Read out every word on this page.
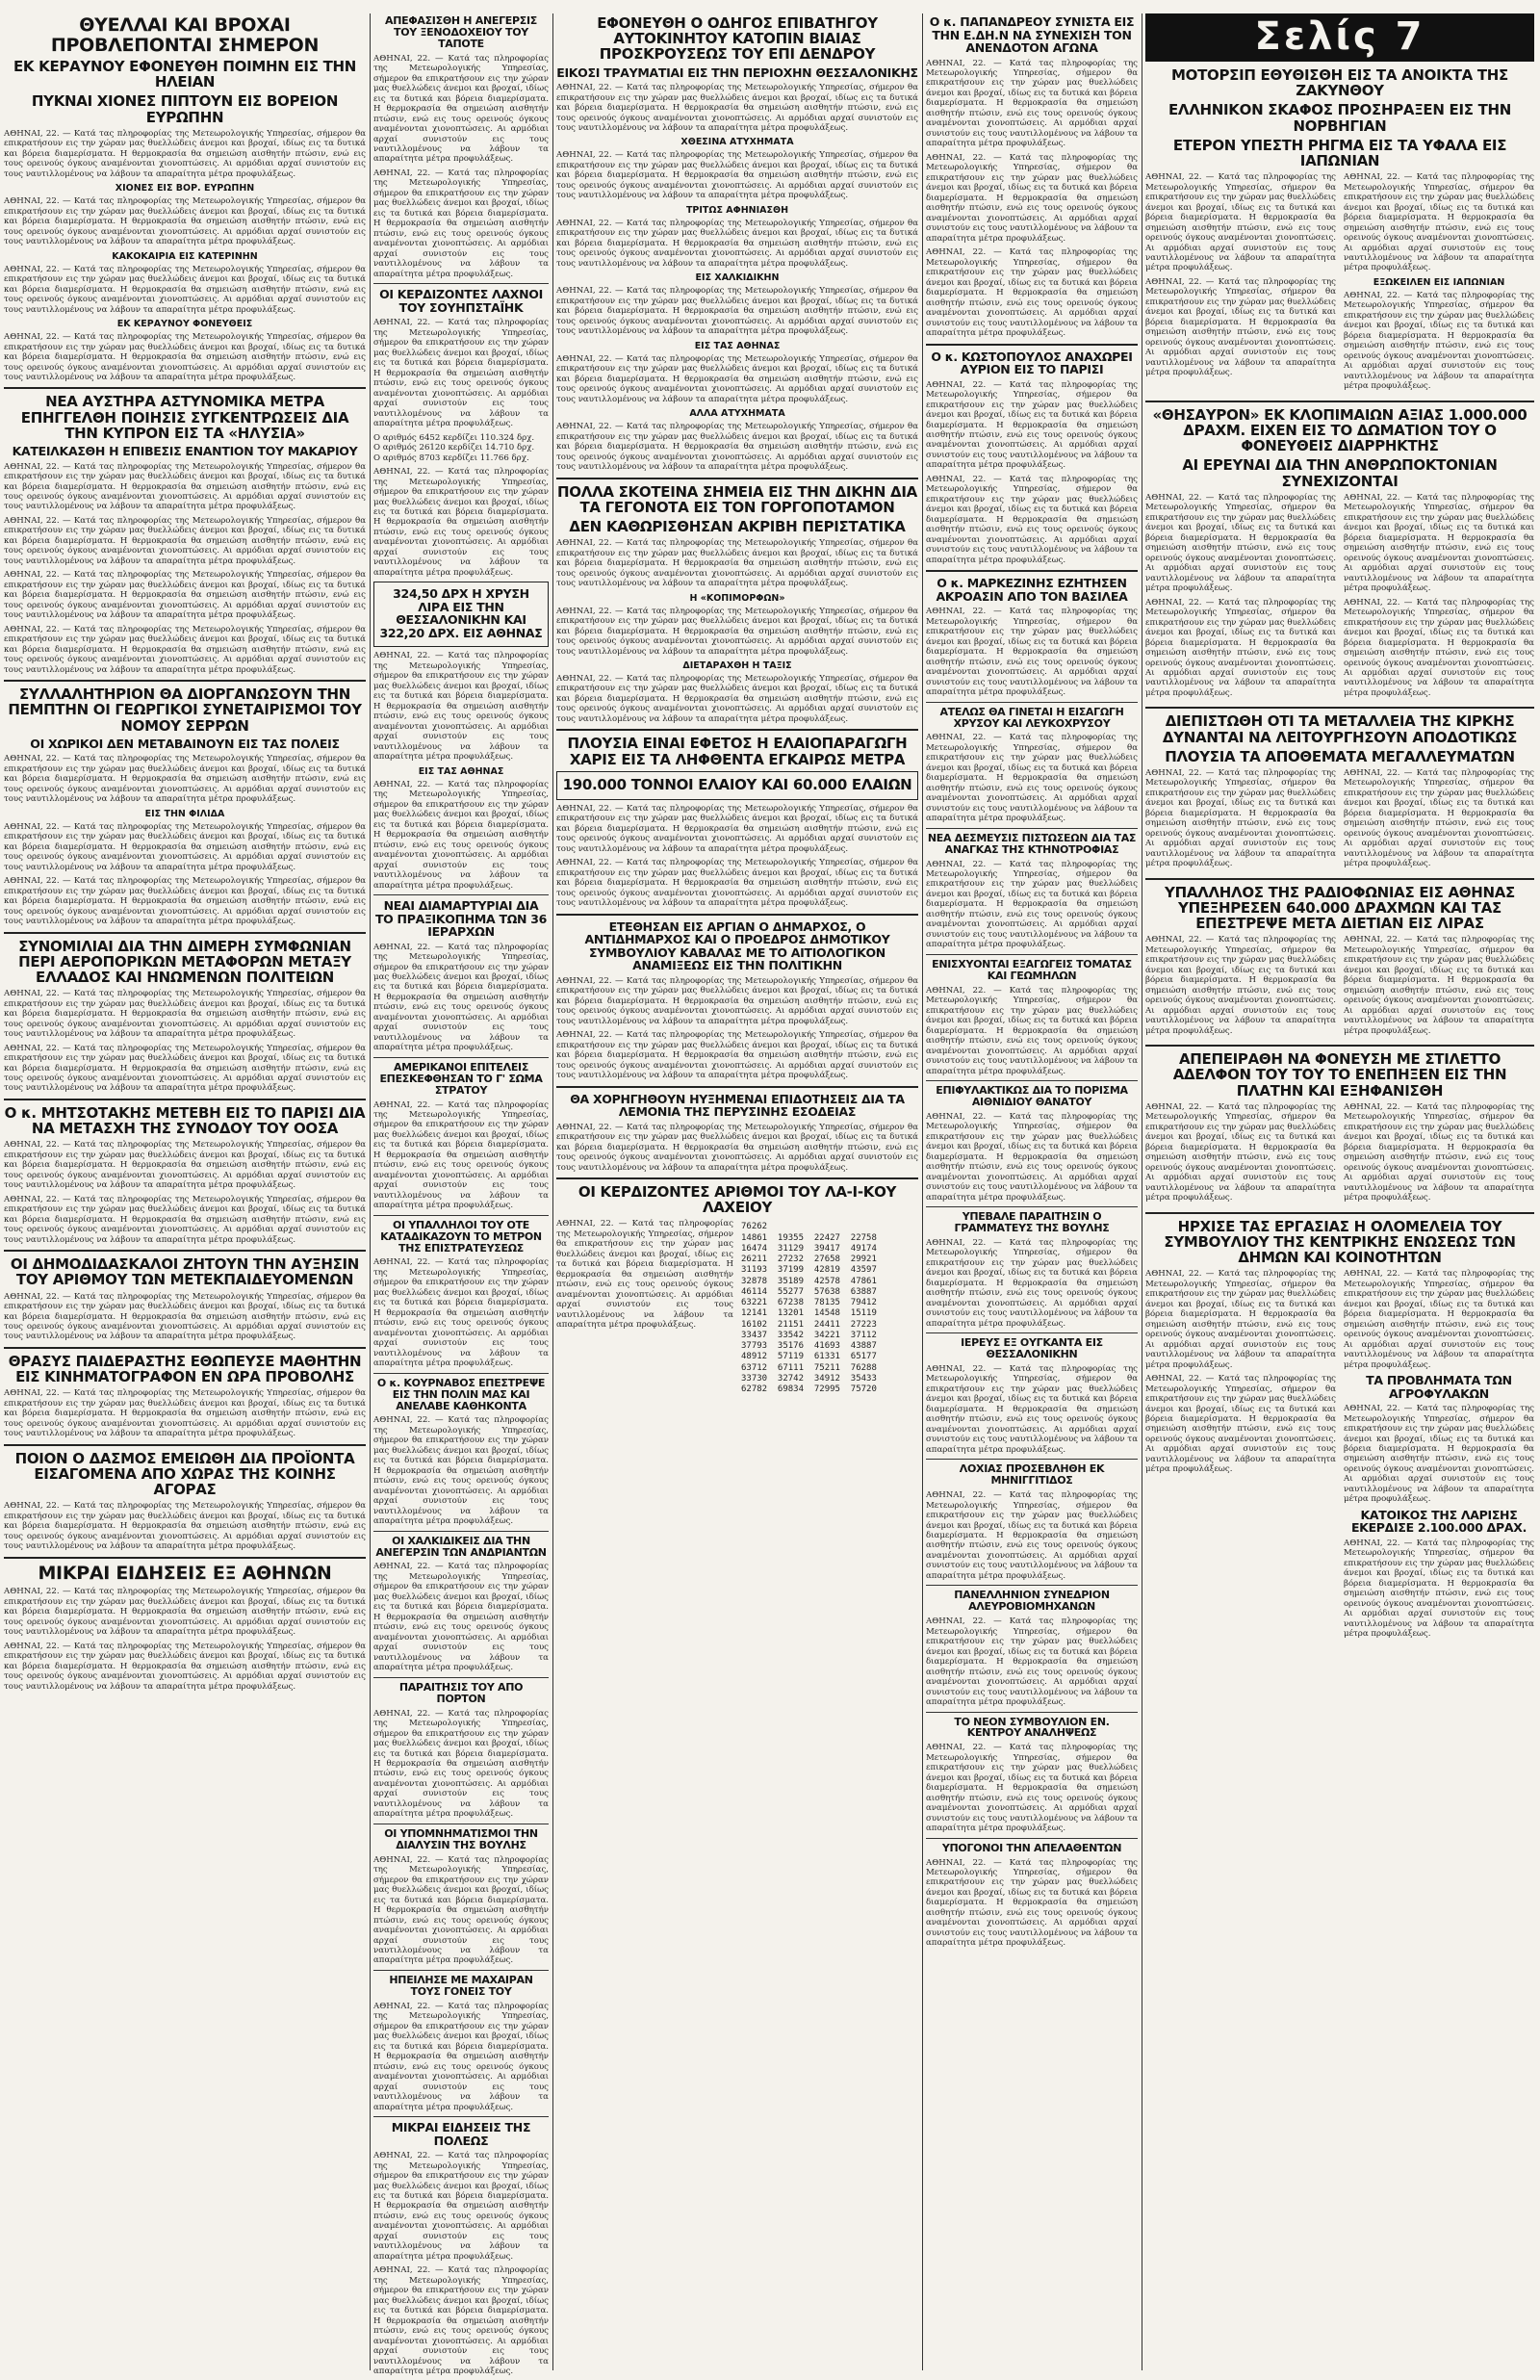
ΘΥΕΛΛΑΙ ΚΑΙ ΒΡΟΧΑΙ ΠΡΟΒΛΕΠΟΝΤΑΙ ΣΗΜΕΡΟΝ
ΕΚ ΚΕΡΑΥΝΟΥ ΕΦΟΝΕΥΘΗ ΠΟΙΜΗΝ ΕΙΣ ΤΗΝ ΗΛΕΙΑΝ
ΠΥΚΝΑΙ ΧΙΟΝΕΣ ΠΙΠΤΟΥΝ ΕΙΣ ΒΟΡΕΙΟΝ ΕΥΡΩΠΗΝ

ΑΘΗΝΑΙ, 22. — Κατά τας πληροφορίας της Μετεωρολογικής Υπηρεσίας, σήμερον θα επικρατήσουν εις την χώραν μας θυελλώδεις άνεμοι και βροχαί, ιδίως εις τα δυτικά και βόρεια διαμερίσματα. Η θερμοκρασία θα σημειώση αισθητήν πτώσιν, ενώ εις τους ορεινούς όγκους αναμένονται χιονοπτώσεις. Αι αρμόδιαι αρχαί συνιστούν εις τους ναυτιλλομένους να λάβουν τα απαραίτητα μέτρα προφυλάξεως.

ΧΙΟΝΕΣ ΕΙΣ ΒΟΡ. ΕΥΡΩΠΗΝ

ΑΘΗΝΑΙ, 22. — Κατά τας πληροφορίας της Μετεωρολογικής Υπηρεσίας, σήμερον θα επικρατήσουν εις την χώραν μας θυελλώδεις άνεμοι και βροχαί, ιδίως εις τα δυτικά και βόρεια διαμερίσματα. Η θερμοκρασία θα σημειώση αισθητήν πτώσιν, ενώ εις τους ορεινούς όγκους αναμένονται χιονοπτώσεις. Αι αρμόδιαι αρχαί συνιστούν εις τους ναυτιλλομένους να λάβουν τα απαραίτητα μέτρα προφυλάξεως.

ΚΑΚΟΚΑΙΡΙΑ ΕΙΣ ΚΑΤΕΡΙΝΗΝ

ΑΘΗΝΑΙ, 22. — Κατά τας πληροφορίας της Μετεωρολογικής Υπηρεσίας, σήμερον θα επικρατήσουν εις την χώραν μας θυελλώδεις άνεμοι και βροχαί, ιδίως εις τα δυτικά και βόρεια διαμερίσματα. Η θερμοκρασία θα σημειώση αισθητήν πτώσιν, ενώ εις τους ορεινούς όγκους αναμένονται χιονοπτώσεις. Αι αρμόδιαι αρχαί συνιστούν εις τους ναυτιλλομένους να λάβουν τα απαραίτητα μέτρα προφυλάξεως.

ΕΚ ΚΕΡΑΥΝΟΥ ΦΟΝΕΥΘΕΙΣ

ΑΘΗΝΑΙ, 22. — Κατά τας πληροφορίας της Μετεωρολογικής Υπηρεσίας, σήμερον θα επικρατήσουν εις την χώραν μας θυελλώδεις άνεμοι και βροχαί, ιδίως εις τα δυτικά και βόρεια διαμερίσματα. Η θερμοκρασία θα σημειώση αισθητήν πτώσιν, ενώ εις τους ορεινούς όγκους αναμένονται χιονοπτώσεις. Αι αρμόδιαι αρχαί συνιστούν εις τους ναυτιλλομένους να λάβουν τα απαραίτητα μέτρα προφυλάξεως.

ΝΕΑ ΑΥΣΤΗΡΑ ΑΣΤΥΝΟΜΙΚΑ ΜΕΤΡΑ ΕΠΗΓΓΕΛΘΗ ΠΟΙΗΣΙΣ ΣΥΓΚΕΝΤΡΩΣΕΙΣ ΔΙΑ ΤΗΝ ΚΥΠΡΟΝ ΕΙΣ ΤΑ «ΗΛΥΣΙΑ»
ΚΑΤΕΙΛΚΑΣΘΗ Η ΕΠΙΒΕΣΙΣ ΕΝΑΝΤΙΟΝ ΤΟΥ ΜΑΚΑΡΙΟΥ

ΑΘΗΝΑΙ, 22. — Κατά τας πληροφορίας της Μετεωρολογικής Υπηρεσίας, σήμερον θα επικρατήσουν εις την χώραν μας θυελλώδεις άνεμοι και βροχαί, ιδίως εις τα δυτικά και βόρεια διαμερίσματα. Η θερμοκρασία θα σημειώση αισθητήν πτώσιν, ενώ εις τους ορεινούς όγκους αναμένονται χιονοπτώσεις. Αι αρμόδιαι αρχαί συνιστούν εις τους ναυτιλλομένους να λάβουν τα απαραίτητα μέτρα προφυλάξεως.

ΑΘΗΝΑΙ, 22. — Κατά τας πληροφορίας της Μετεωρολογικής Υπηρεσίας, σήμερον θα επικρατήσουν εις την χώραν μας θυελλώδεις άνεμοι και βροχαί, ιδίως εις τα δυτικά και βόρεια διαμερίσματα. Η θερμοκρασία θα σημειώση αισθητήν πτώσιν, ενώ εις τους ορεινούς όγκους αναμένονται χιονοπτώσεις. Αι αρμόδιαι αρχαί συνιστούν εις τους ναυτιλλομένους να λάβουν τα απαραίτητα μέτρα προφυλάξεως.

ΑΘΗΝΑΙ, 22. — Κατά τας πληροφορίας της Μετεωρολογικής Υπηρεσίας, σήμερον θα επικρατήσουν εις την χώραν μας θυελλώδεις άνεμοι και βροχαί, ιδίως εις τα δυτικά και βόρεια διαμερίσματα. Η θερμοκρασία θα σημειώση αισθητήν πτώσιν, ενώ εις τους ορεινούς όγκους αναμένονται χιονοπτώσεις. Αι αρμόδιαι αρχαί συνιστούν εις τους ναυτιλλομένους να λάβουν τα απαραίτητα μέτρα προφυλάξεως.

ΑΘΗΝΑΙ, 22. — Κατά τας πληροφορίας της Μετεωρολογικής Υπηρεσίας, σήμερον θα επικρατήσουν εις την χώραν μας θυελλώδεις άνεμοι και βροχαί, ιδίως εις τα δυτικά και βόρεια διαμερίσματα. Η θερμοκρασία θα σημειώση αισθητήν πτώσιν, ενώ εις τους ορεινούς όγκους αναμένονται χιονοπτώσεις. Αι αρμόδιαι αρχαί συνιστούν εις τους ναυτιλλομένους να λάβουν τα απαραίτητα μέτρα προφυλάξεως.

ΣΥΛΛΑΛΗΤΗΡΙΟΝ ΘΑ ΔΙΟΡΓΑΝΩΣΟΥΝ ΤΗΝ ΠΕΜΠΤΗΝ ΟΙ ΓΕΩΡΓΙΚΟΙ ΣΥΝΕΤΑΙΡΙΣΜΟΙ ΤΟΥ ΝΟΜΟΥ ΣΕΡΡΩΝ
ΟΙ ΧΩΡΙΚΟΙ ΔΕΝ ΜΕΤΑΒΑΙΝΟΥΝ ΕΙΣ ΤΑΣ ΠΟΛΕΙΣ

ΑΘΗΝΑΙ, 22. — Κατά τας πληροφορίας της Μετεωρολογικής Υπηρεσίας, σήμερον θα επικρατήσουν εις την χώραν μας θυελλώδεις άνεμοι και βροχαί, ιδίως εις τα δυτικά και βόρεια διαμερίσματα. Η θερμοκρασία θα σημειώση αισθητήν πτώσιν, ενώ εις τους ορεινούς όγκους αναμένονται χιονοπτώσεις. Αι αρμόδιαι αρχαί συνιστούν εις τους ναυτιλλομένους να λάβουν τα απαραίτητα μέτρα προφυλάξεως.

ΕΙΣ ΤΗΝ ΦΙΛΙΔΑ

ΑΘΗΝΑΙ, 22. — Κατά τας πληροφορίας της Μετεωρολογικής Υπηρεσίας, σήμερον θα επικρατήσουν εις την χώραν μας θυελλώδεις άνεμοι και βροχαί, ιδίως εις τα δυτικά και βόρεια διαμερίσματα. Η θερμοκρασία θα σημειώση αισθητήν πτώσιν, ενώ εις τους ορεινούς όγκους αναμένονται χιονοπτώσεις. Αι αρμόδιαι αρχαί συνιστούν εις τους ναυτιλλομένους να λάβουν τα απαραίτητα μέτρα προφυλάξεως.

ΑΘΗΝΑΙ, 22. — Κατά τας πληροφορίας της Μετεωρολογικής Υπηρεσίας, σήμερον θα επικρατήσουν εις την χώραν μας θυελλώδεις άνεμοι και βροχαί, ιδίως εις τα δυτικά και βόρεια διαμερίσματα. Η θερμοκρασία θα σημειώση αισθητήν πτώσιν, ενώ εις τους ορεινούς όγκους αναμένονται χιονοπτώσεις. Αι αρμόδιαι αρχαί συνιστούν εις τους ναυτιλλομένους να λάβουν τα απαραίτητα μέτρα προφυλάξεως.

ΣΥΝΟΜΙΛΙΑΙ ΔΙΑ ΤΗΝ ΔΙΜΕΡΗ ΣΥΜΦΩΝΙΑΝ ΠΕΡΙ ΑΕΡΟΠΟΡΙΚΩΝ ΜΕΤΑΦΟΡΩΝ ΜΕΤΑΞΥ ΕΛΛΑΔΟΣ ΚΑΙ ΗΝΩΜΕΝΩΝ ΠΟΛΙΤΕΙΩΝ

ΑΘΗΝΑΙ, 22. — Κατά τας πληροφορίας της Μετεωρολογικής Υπηρεσίας, σήμερον θα επικρατήσουν εις την χώραν μας θυελλώδεις άνεμοι και βροχαί, ιδίως εις τα δυτικά και βόρεια διαμερίσματα. Η θερμοκρασία θα σημειώση αισθητήν πτώσιν, ενώ εις τους ορεινούς όγκους αναμένονται χιονοπτώσεις. Αι αρμόδιαι αρχαί συνιστούν εις τους ναυτιλλομένους να λάβουν τα απαραίτητα μέτρα προφυλάξεως.

ΑΘΗΝΑΙ, 22. — Κατά τας πληροφορίας της Μετεωρολογικής Υπηρεσίας, σήμερον θα επικρατήσουν εις την χώραν μας θυελλώδεις άνεμοι και βροχαί, ιδίως εις τα δυτικά και βόρεια διαμερίσματα. Η θερμοκρασία θα σημειώση αισθητήν πτώσιν, ενώ εις τους ορεινούς όγκους αναμένονται χιονοπτώσεις. Αι αρμόδιαι αρχαί συνιστούν εις τους ναυτιλλομένους να λάβουν τα απαραίτητα μέτρα προφυλάξεως.

Ο κ. ΜΗΤΣΟΤΑΚΗΣ ΜΕΤΕΒΗ ΕΙΣ ΤΟ ΠΑΡΙΣΙ ΔΙΑ ΝΑ ΜΕΤΑΣΧΗ ΤΗΣ ΣΥΝΟΔΟΥ ΤΟΥ ΟΟΣΑ

ΑΘΗΝΑΙ, 22. — Κατά τας πληροφορίας της Μετεωρολογικής Υπηρεσίας, σήμερον θα επικρατήσουν εις την χώραν μας θυελλώδεις άνεμοι και βροχαί, ιδίως εις τα δυτικά και βόρεια διαμερίσματα. Η θερμοκρασία θα σημειώση αισθητήν πτώσιν, ενώ εις τους ορεινούς όγκους αναμένονται χιονοπτώσεις. Αι αρμόδιαι αρχαί συνιστούν εις τους ναυτιλλομένους να λάβουν τα απαραίτητα μέτρα προφυλάξεως.

ΑΘΗΝΑΙ, 22. — Κατά τας πληροφορίας της Μετεωρολογικής Υπηρεσίας, σήμερον θα επικρατήσουν εις την χώραν μας θυελλώδεις άνεμοι και βροχαί, ιδίως εις τα δυτικά και βόρεια διαμερίσματα. Η θερμοκρασία θα σημειώση αισθητήν πτώσιν, ενώ εις τους ορεινούς όγκους αναμένονται χιονοπτώσεις. Αι αρμόδιαι αρχαί συνιστούν εις τους ναυτιλλομένους να λάβουν τα απαραίτητα μέτρα προφυλάξεως.

ΟΙ ΔΗΜΟΔΙΔΑΣΚΑΛΟΙ ΖΗΤΟΥΝ ΤΗΝ ΑΥΞΗΣΙΝ ΤΟΥ ΑΡΙΘΜΟΥ ΤΩΝ ΜΕΤΕΚΠΑΙΔΕΥΟΜΕΝΩΝ

ΑΘΗΝΑΙ, 22. — Κατά τας πληροφορίας της Μετεωρολογικής Υπηρεσίας, σήμερον θα επικρατήσουν εις την χώραν μας θυελλώδεις άνεμοι και βροχαί, ιδίως εις τα δυτικά και βόρεια διαμερίσματα. Η θερμοκρασία θα σημειώση αισθητήν πτώσιν, ενώ εις τους ορεινούς όγκους αναμένονται χιονοπτώσεις. Αι αρμόδιαι αρχαί συνιστούν εις τους ναυτιλλομένους να λάβουν τα απαραίτητα μέτρα προφυλάξεως.

ΘΡΑΣΥΣ ΠΑΙΔΕΡΑΣΤΗΣ ΕΘΩΠΕΥΣΕ ΜΑΘΗΤΗΝ ΕΙΣ ΚΙΝΗΜΑΤΟΓΡΑΦΟΝ ΕΝ ΩΡΑ ΠΡΟΒΟΛΗΣ

ΑΘΗΝΑΙ, 22. — Κατά τας πληροφορίας της Μετεωρολογικής Υπηρεσίας, σήμερον θα επικρατήσουν εις την χώραν μας θυελλώδεις άνεμοι και βροχαί, ιδίως εις τα δυτικά και βόρεια διαμερίσματα. Η θερμοκρασία θα σημειώση αισθητήν πτώσιν, ενώ εις τους ορεινούς όγκους αναμένονται χιονοπτώσεις. Αι αρμόδιαι αρχαί συνιστούν εις τους ναυτιλλομένους να λάβουν τα απαραίτητα μέτρα προφυλάξεως.

ΠΟΙΟΝ Ο ΔΑΣΜΟΣ ΕΜΕΙΩΘΗ ΔΙΑ ΠΡΟΪΟΝΤΑ ΕΙΣΑΓΟΜΕΝΑ ΑΠΟ ΧΩΡΑΣ ΤΗΣ ΚΟΙΝΗΣ ΑΓΟΡΑΣ

ΑΘΗΝΑΙ, 22. — Κατά τας πληροφορίας της Μετεωρολογικής Υπηρεσίας, σήμερον θα επικρατήσουν εις την χώραν μας θυελλώδεις άνεμοι και βροχαί, ιδίως εις τα δυτικά και βόρεια διαμερίσματα. Η θερμοκρασία θα σημειώση αισθητήν πτώσιν, ενώ εις τους ορεινούς όγκους αναμένονται χιονοπτώσεις. Αι αρμόδιαι αρχαί συνιστούν εις τους ναυτιλλομένους να λάβουν τα απαραίτητα μέτρα προφυλάξεως.

ΜΙΚΡΑΙ ΕΙΔΗΣΕΙΣ ΕΞ ΑΘΗΝΩΝ

ΑΘΗΝΑΙ, 22. — Κατά τας πληροφορίας της Μετεωρολογικής Υπηρεσίας, σήμερον θα επικρατήσουν εις την χώραν μας θυελλώδεις άνεμοι και βροχαί, ιδίως εις τα δυτικά και βόρεια διαμερίσματα. Η θερμοκρασία θα σημειώση αισθητήν πτώσιν, ενώ εις τους ορεινούς όγκους αναμένονται χιονοπτώσεις. Αι αρμόδιαι αρχαί συνιστούν εις τους ναυτιλλομένους να λάβουν τα απαραίτητα μέτρα προφυλάξεως.

ΑΘΗΝΑΙ, 22. — Κατά τας πληροφορίας της Μετεωρολογικής Υπηρεσίας, σήμερον θα επικρατήσουν εις την χώραν μας θυελλώδεις άνεμοι και βροχαί, ιδίως εις τα δυτικά και βόρεια διαμερίσματα. Η θερμοκρασία θα σημειώση αισθητήν πτώσιν, ενώ εις τους ορεινούς όγκους αναμένονται χιονοπτώσεις. Αι αρμόδιαι αρχαί συνιστούν εις τους ναυτιλλομένους να λάβουν τα απαραίτητα μέτρα προφυλάξεως.

ΑΠΕΦΑΣΙΣΘΗ Η ΑΝΕΓΕΡΣΙΣ ΤΟΥ ΞΕΝΟΔΟΧΕΙΟΥ ΤΟΥ ΤΑΠΟΤΕ

ΑΘΗΝΑΙ, 22. — Κατά τας πληροφορίας της Μετεωρολογικής Υπηρεσίας, σήμερον θα επικρατήσουν εις την χώραν μας θυελλώδεις άνεμοι και βροχαί, ιδίως εις τα δυτικά και βόρεια διαμερίσματα. Η θερμοκρασία θα σημειώση αισθητήν πτώσιν, ενώ εις τους ορεινούς όγκους αναμένονται χιονοπτώσεις. Αι αρμόδιαι αρχαί συνιστούν εις τους ναυτιλλομένους να λάβουν τα απαραίτητα μέτρα προφυλάξεως.

ΑΘΗΝΑΙ, 22. — Κατά τας πληροφορίας της Μετεωρολογικής Υπηρεσίας, σήμερον θα επικρατήσουν εις την χώραν μας θυελλώδεις άνεμοι και βροχαί, ιδίως εις τα δυτικά και βόρεια διαμερίσματα. Η θερμοκρασία θα σημειώση αισθητήν πτώσιν, ενώ εις τους ορεινούς όγκους αναμένονται χιονοπτώσεις. Αι αρμόδιαι αρχαί συνιστούν εις τους ναυτιλλομένους να λάβουν τα απαραίτητα μέτρα προφυλάξεως.

ΟΙ ΚΕΡΔΙΖΟΝΤΕΣ ΛΑΧΝΟΙ ΤΟΥ ΣΟΥΗΠΣΤΑΪΗΚ

ΑΘΗΝΑΙ, 22. — Κατά τας πληροφορίας της Μετεωρολογικής Υπηρεσίας, σήμερον θα επικρατήσουν εις την χώραν μας θυελλώδεις άνεμοι και βροχαί, ιδίως εις τα δυτικά και βόρεια διαμερίσματα. Η θερμοκρασία θα σημειώση αισθητήν πτώσιν, ενώ εις τους ορεινούς όγκους αναμένονται χιονοπτώσεις. Αι αρμόδιαι αρχαί συνιστούν εις τους ναυτιλλομένους να λάβουν τα απαραίτητα μέτρα προφυλάξεως.

Ο αριθμός 6452 κερδίζει 110.324 δρχ.
Ο αριθμός 26120 κερδίζει 14.710 δρχ.
Ο αριθμός 8703 κερδίζει 11.766 δρχ.

ΑΘΗΝΑΙ, 22. — Κατά τας πληροφορίας της Μετεωρολογικής Υπηρεσίας, σήμερον θα επικρατήσουν εις την χώραν μας θυελλώδεις άνεμοι και βροχαί, ιδίως εις τα δυτικά και βόρεια διαμερίσματα. Η θερμοκρασία θα σημειώση αισθητήν πτώσιν, ενώ εις τους ορεινούς όγκους αναμένονται χιονοπτώσεις. Αι αρμόδιαι αρχαί συνιστούν εις τους ναυτιλλομένους να λάβουν τα απαραίτητα μέτρα προφυλάξεως.

324,50 ΔΡΧ Η ΧΡΥΣΗ ΛΙΡΑ ΕΙΣ ΤΗΝ ΘΕΣΣΑΛΟΝΙΚΗΝ ΚΑΙ 322,20 ΔΡΧ. ΕΙΣ ΑΘΗΝΑΣ

ΑΘΗΝΑΙ, 22. — Κατά τας πληροφορίας της Μετεωρολογικής Υπηρεσίας, σήμερον θα επικρατήσουν εις την χώραν μας θυελλώδεις άνεμοι και βροχαί, ιδίως εις τα δυτικά και βόρεια διαμερίσματα. Η θερμοκρασία θα σημειώση αισθητήν πτώσιν, ενώ εις τους ορεινούς όγκους αναμένονται χιονοπτώσεις. Αι αρμόδιαι αρχαί συνιστούν εις τους ναυτιλλομένους να λάβουν τα απαραίτητα μέτρα προφυλάξεως.

ΕΙΣ ΤΑΣ ΑΘΗΝΑΣ

ΑΘΗΝΑΙ, 22. — Κατά τας πληροφορίας της Μετεωρολογικής Υπηρεσίας, σήμερον θα επικρατήσουν εις την χώραν μας θυελλώδεις άνεμοι και βροχαί, ιδίως εις τα δυτικά και βόρεια διαμερίσματα. Η θερμοκρασία θα σημειώση αισθητήν πτώσιν, ενώ εις τους ορεινούς όγκους αναμένονται χιονοπτώσεις. Αι αρμόδιαι αρχαί συνιστούν εις τους ναυτιλλομένους να λάβουν τα απαραίτητα μέτρα προφυλάξεως.

ΝΕΑΙ ΔΙΑΜΑΡΤΥΡΙΑΙ ΔΙΑ ΤΟ ΠΡΑΞΙΚΟΠΗΜΑ ΤΩΝ 36 ΙΕΡΑΡΧΩΝ

ΑΘΗΝΑΙ, 22. — Κατά τας πληροφορίας της Μετεωρολογικής Υπηρεσίας, σήμερον θα επικρατήσουν εις την χώραν μας θυελλώδεις άνεμοι και βροχαί, ιδίως εις τα δυτικά και βόρεια διαμερίσματα. Η θερμοκρασία θα σημειώση αισθητήν πτώσιν, ενώ εις τους ορεινούς όγκους αναμένονται χιονοπτώσεις. Αι αρμόδιαι αρχαί συνιστούν εις τους ναυτιλλομένους να λάβουν τα απαραίτητα μέτρα προφυλάξεως.

ΑΜΕΡΙΚΑΝΟΙ ΕΠΙΤΕΛΕΙΣ ΕΠΕΣΚΕΦΘΗΣΑΝ ΤΟ Γ' ΣΩΜΑ ΣΤΡΑΤΟΥ

ΑΘΗΝΑΙ, 22. — Κατά τας πληροφορίας της Μετεωρολογικής Υπηρεσίας, σήμερον θα επικρατήσουν εις την χώραν μας θυελλώδεις άνεμοι και βροχαί, ιδίως εις τα δυτικά και βόρεια διαμερίσματα. Η θερμοκρασία θα σημειώση αισθητήν πτώσιν, ενώ εις τους ορεινούς όγκους αναμένονται χιονοπτώσεις. Αι αρμόδιαι αρχαί συνιστούν εις τους ναυτιλλομένους να λάβουν τα απαραίτητα μέτρα προφυλάξεως.

ΟΙ ΥΠΑΛΛΗΛΟΙ ΤΟΥ ΟΤΕ ΚΑΤΑΔΙΚΑΖΟΥΝ ΤΟ ΜΕΤΡΟΝ ΤΗΣ ΕΠΙΣΤΡΑΤΕΥΣΕΩΣ

ΑΘΗΝΑΙ, 22. — Κατά τας πληροφορίας της Μετεωρολογικής Υπηρεσίας, σήμερον θα επικρατήσουν εις την χώραν μας θυελλώδεις άνεμοι και βροχαί, ιδίως εις τα δυτικά και βόρεια διαμερίσματα. Η θερμοκρασία θα σημειώση αισθητήν πτώσιν, ενώ εις τους ορεινούς όγκους αναμένονται χιονοπτώσεις. Αι αρμόδιαι αρχαί συνιστούν εις τους ναυτιλλομένους να λάβουν τα απαραίτητα μέτρα προφυλάξεως.

Ο κ. ΚΟΥΡΝΑΒΟΣ ΕΠΕΣΤΡΕΨΕ ΕΙΣ ΤΗΝ ΠΟΛΙΝ ΜΑΣ ΚΑΙ ΑΝΕΛΑΒΕ ΚΑΘΗΚΟΝΤΑ

ΑΘΗΝΑΙ, 22. — Κατά τας πληροφορίας της Μετεωρολογικής Υπηρεσίας, σήμερον θα επικρατήσουν εις την χώραν μας θυελλώδεις άνεμοι και βροχαί, ιδίως εις τα δυτικά και βόρεια διαμερίσματα. Η θερμοκρασία θα σημειώση αισθητήν πτώσιν, ενώ εις τους ορεινούς όγκους αναμένονται χιονοπτώσεις. Αι αρμόδιαι αρχαί συνιστούν εις τους ναυτιλλομένους να λάβουν τα απαραίτητα μέτρα προφυλάξεως.

ΟΙ ΧΑΛΚΙΔΙΚΕΙΣ ΔΙΑ ΤΗΝ ΑΝΕΓΕΡΣΙΝ ΤΩΝ ΑΝΔΡΙΑΝΤΩΝ

ΑΘΗΝΑΙ, 22. — Κατά τας πληροφορίας της Μετεωρολογικής Υπηρεσίας, σήμερον θα επικρατήσουν εις την χώραν μας θυελλώδεις άνεμοι και βροχαί, ιδίως εις τα δυτικά και βόρεια διαμερίσματα. Η θερμοκρασία θα σημειώση αισθητήν πτώσιν, ενώ εις τους ορεινούς όγκους αναμένονται χιονοπτώσεις. Αι αρμόδιαι αρχαί συνιστούν εις τους ναυτιλλομένους να λάβουν τα απαραίτητα μέτρα προφυλάξεως.

ΠΑΡΑΙΤΗΣΙΣ ΤΟΥ ΑΠΟ ΠΟΡΤΟΝ

ΑΘΗΝΑΙ, 22. — Κατά τας πληροφορίας της Μετεωρολογικής Υπηρεσίας, σήμερον θα επικρατήσουν εις την χώραν μας θυελλώδεις άνεμοι και βροχαί, ιδίως εις τα δυτικά και βόρεια διαμερίσματα. Η θερμοκρασία θα σημειώση αισθητήν πτώσιν, ενώ εις τους ορεινούς όγκους αναμένονται χιονοπτώσεις. Αι αρμόδιαι αρχαί συνιστούν εις τους ναυτιλλομένους να λάβουν τα απαραίτητα μέτρα προφυλάξεως.

ΟΙ ΥΠΟΜΝΗΜΑΤΙΣΜΟΙ ΤΗΝ ΔΙΑΛΥΣΙΝ ΤΗΣ ΒΟΥΛΗΣ

ΑΘΗΝΑΙ, 22. — Κατά τας πληροφορίας της Μετεωρολογικής Υπηρεσίας, σήμερον θα επικρατήσουν εις την χώραν μας θυελλώδεις άνεμοι και βροχαί, ιδίως εις τα δυτικά και βόρεια διαμερίσματα. Η θερμοκρασία θα σημειώση αισθητήν πτώσιν, ενώ εις τους ορεινούς όγκους αναμένονται χιονοπτώσεις. Αι αρμόδιαι αρχαί συνιστούν εις τους ναυτιλλομένους να λάβουν τα απαραίτητα μέτρα προφυλάξεως.

ΗΠΕΙΛΗΣΕ ΜΕ ΜΑΧΑΙΡΑΝ ΤΟΥΣ ΓΟΝΕΙΣ ΤΟΥ

ΑΘΗΝΑΙ, 22. — Κατά τας πληροφορίας της Μετεωρολογικής Υπηρεσίας, σήμερον θα επικρατήσουν εις την χώραν μας θυελλώδεις άνεμοι και βροχαί, ιδίως εις τα δυτικά και βόρεια διαμερίσματα. Η θερμοκρασία θα σημειώση αισθητήν πτώσιν, ενώ εις τους ορεινούς όγκους αναμένονται χιονοπτώσεις. Αι αρμόδιαι αρχαί συνιστούν εις τους ναυτιλλομένους να λάβουν τα απαραίτητα μέτρα προφυλάξεως.

ΜΙΚΡΑΙ ΕΙΔΗΣΕΙΣ ΤΗΣ ΠΟΛΕΩΣ

ΑΘΗΝΑΙ, 22. — Κατά τας πληροφορίας της Μετεωρολογικής Υπηρεσίας, σήμερον θα επικρατήσουν εις την χώραν μας θυελλώδεις άνεμοι και βροχαί, ιδίως εις τα δυτικά και βόρεια διαμερίσματα. Η θερμοκρασία θα σημειώση αισθητήν πτώσιν, ενώ εις τους ορεινούς όγκους αναμένονται χιονοπτώσεις. Αι αρμόδιαι αρχαί συνιστούν εις τους ναυτιλλομένους να λάβουν τα απαραίτητα μέτρα προφυλάξεως.

ΑΘΗΝΑΙ, 22. — Κατά τας πληροφορίας της Μετεωρολογικής Υπηρεσίας, σήμερον θα επικρατήσουν εις την χώραν μας θυελλώδεις άνεμοι και βροχαί, ιδίως εις τα δυτικά και βόρεια διαμερίσματα. Η θερμοκρασία θα σημειώση αισθητήν πτώσιν, ενώ εις τους ορεινούς όγκους αναμένονται χιονοπτώσεις. Αι αρμόδιαι αρχαί συνιστούν εις τους ναυτιλλομένους να λάβουν τα απαραίτητα μέτρα προφυλάξεως.

ΕΦΟΝΕΥΘΗ Ο ΟΔΗΓΟΣ ΕΠΙΒΑΤΗΓΟΥ ΑΥΤΟΚΙΝΗΤΟΥ ΚΑΤΟΠΙΝ ΒΙΑΙΑΣ ΠΡΟΣΚΡΟΥΣΕΩΣ ΤΟΥ ΕΠΙ ΔΕΝΔΡΟΥ
ΕΙΚΟΣΙ ΤΡΑΥΜΑΤΙΑΙ ΕΙΣ ΤΗΝ ΠΕΡΙΟΧΗΝ ΘΕΣΣΑΛΟΝΙΚΗΣ

ΑΘΗΝΑΙ, 22. — Κατά τας πληροφορίας της Μετεωρολογικής Υπηρεσίας, σήμερον θα επικρατήσουν εις την χώραν μας θυελλώδεις άνεμοι και βροχαί, ιδίως εις τα δυτικά και βόρεια διαμερίσματα. Η θερμοκρασία θα σημειώση αισθητήν πτώσιν, ενώ εις τους ορεινούς όγκους αναμένονται χιονοπτώσεις. Αι αρμόδιαι αρχαί συνιστούν εις τους ναυτιλλομένους να λάβουν τα απαραίτητα μέτρα προφυλάξεως.

ΧΘΕΣΙΝΑ ΑΤΥΧΗΜΑΤΑ

ΑΘΗΝΑΙ, 22. — Κατά τας πληροφορίας της Μετεωρολογικής Υπηρεσίας, σήμερον θα επικρατήσουν εις την χώραν μας θυελλώδεις άνεμοι και βροχαί, ιδίως εις τα δυτικά και βόρεια διαμερίσματα. Η θερμοκρασία θα σημειώση αισθητήν πτώσιν, ενώ εις τους ορεινούς όγκους αναμένονται χιονοπτώσεις. Αι αρμόδιαι αρχαί συνιστούν εις τους ναυτιλλομένους να λάβουν τα απαραίτητα μέτρα προφυλάξεως.

ΤΡΙΤΩΣ ΑΦΗΝΙΑΣΘΗ

ΑΘΗΝΑΙ, 22. — Κατά τας πληροφορίας της Μετεωρολογικής Υπηρεσίας, σήμερον θα επικρατήσουν εις την χώραν μας θυελλώδεις άνεμοι και βροχαί, ιδίως εις τα δυτικά και βόρεια διαμερίσματα. Η θερμοκρασία θα σημειώση αισθητήν πτώσιν, ενώ εις τους ορεινούς όγκους αναμένονται χιονοπτώσεις. Αι αρμόδιαι αρχαί συνιστούν εις τους ναυτιλλομένους να λάβουν τα απαραίτητα μέτρα προφυλάξεως.

ΕΙΣ ΧΑΛΚΙΔΙΚΗΝ

ΑΘΗΝΑΙ, 22. — Κατά τας πληροφορίας της Μετεωρολογικής Υπηρεσίας, σήμερον θα επικρατήσουν εις την χώραν μας θυελλώδεις άνεμοι και βροχαί, ιδίως εις τα δυτικά και βόρεια διαμερίσματα. Η θερμοκρασία θα σημειώση αισθητήν πτώσιν, ενώ εις τους ορεινούς όγκους αναμένονται χιονοπτώσεις. Αι αρμόδιαι αρχαί συνιστούν εις τους ναυτιλλομένους να λάβουν τα απαραίτητα μέτρα προφυλάξεως.

ΕΙΣ ΤΑΣ ΑΘΗΝΑΣ

ΑΘΗΝΑΙ, 22. — Κατά τας πληροφορίας της Μετεωρολογικής Υπηρεσίας, σήμερον θα επικρατήσουν εις την χώραν μας θυελλώδεις άνεμοι και βροχαί, ιδίως εις τα δυτικά και βόρεια διαμερίσματα. Η θερμοκρασία θα σημειώση αισθητήν πτώσιν, ενώ εις τους ορεινούς όγκους αναμένονται χιονοπτώσεις. Αι αρμόδιαι αρχαί συνιστούν εις τους ναυτιλλομένους να λάβουν τα απαραίτητα μέτρα προφυλάξεως.

ΑΛΛΑ ΑΤΥΧΗΜΑΤΑ

ΑΘΗΝΑΙ, 22. — Κατά τας πληροφορίας της Μετεωρολογικής Υπηρεσίας, σήμερον θα επικρατήσουν εις την χώραν μας θυελλώδεις άνεμοι και βροχαί, ιδίως εις τα δυτικά και βόρεια διαμερίσματα. Η θερμοκρασία θα σημειώση αισθητήν πτώσιν, ενώ εις τους ορεινούς όγκους αναμένονται χιονοπτώσεις. Αι αρμόδιαι αρχαί συνιστούν εις τους ναυτιλλομένους να λάβουν τα απαραίτητα μέτρα προφυλάξεως.

ΠΟΛΛΑ ΣΚΟΤΕΙΝΑ ΣΗΜΕΙΑ ΕΙΣ ΤΗΝ ΔΙΚΗΝ ΔΙΑ ΤΑ ΓΕΓΟΝΟΤΑ ΕΙΣ ΤΟΝ ΓΟΡΓΟΠΟΤΑΜΟΝ
ΔΕΝ ΚΑΘΩΡΙΣΘΗΣΑΝ ΑΚΡΙΒΗ ΠΕΡΙΣΤΑΤΙΚΑ

ΑΘΗΝΑΙ, 22. — Κατά τας πληροφορίας της Μετεωρολογικής Υπηρεσίας, σήμερον θα επικρατήσουν εις την χώραν μας θυελλώδεις άνεμοι και βροχαί, ιδίως εις τα δυτικά και βόρεια διαμερίσματα. Η θερμοκρασία θα σημειώση αισθητήν πτώσιν, ενώ εις τους ορεινούς όγκους αναμένονται χιονοπτώσεις. Αι αρμόδιαι αρχαί συνιστούν εις τους ναυτιλλομένους να λάβουν τα απαραίτητα μέτρα προφυλάξεως.

Η «ΚΟΠΙΜΟΡΦΩΝ»

ΑΘΗΝΑΙ, 22. — Κατά τας πληροφορίας της Μετεωρολογικής Υπηρεσίας, σήμερον θα επικρατήσουν εις την χώραν μας θυελλώδεις άνεμοι και βροχαί, ιδίως εις τα δυτικά και βόρεια διαμερίσματα. Η θερμοκρασία θα σημειώση αισθητήν πτώσιν, ενώ εις τους ορεινούς όγκους αναμένονται χιονοπτώσεις. Αι αρμόδιαι αρχαί συνιστούν εις τους ναυτιλλομένους να λάβουν τα απαραίτητα μέτρα προφυλάξεως.

ΔΙΕΤΑΡΑΧΘΗ Η ΤΑΞΙΣ

ΑΘΗΝΑΙ, 22. — Κατά τας πληροφορίας της Μετεωρολογικής Υπηρεσίας, σήμερον θα επικρατήσουν εις την χώραν μας θυελλώδεις άνεμοι και βροχαί, ιδίως εις τα δυτικά και βόρεια διαμερίσματα. Η θερμοκρασία θα σημειώση αισθητήν πτώσιν, ενώ εις τους ορεινούς όγκους αναμένονται χιονοπτώσεις. Αι αρμόδιαι αρχαί συνιστούν εις τους ναυτιλλομένους να λάβουν τα απαραίτητα μέτρα προφυλάξεως.

ΠΛΟΥΣΙΑ ΕΙΝΑΙ ΕΦΕΤΟΣ Η ΕΛΑΙΟΠΑΡΑΓΩΓΗ ΧΑΡΙΣ ΕΙΣ ΤΑ ΛΗΦΘΕΝΤΑ ΕΓΚΑΙΡΩΣ ΜΕΤΡΑ
190.000 ΤΟΝΝΟΙ ΕΛΑΙΟΥ ΚΑΙ 60.000 ΕΛΑΙΩΝ

ΑΘΗΝΑΙ, 22. — Κατά τας πληροφορίας της Μετεωρολογικής Υπηρεσίας, σήμερον θα επικρατήσουν εις την χώραν μας θυελλώδεις άνεμοι και βροχαί, ιδίως εις τα δυτικά και βόρεια διαμερίσματα. Η θερμοκρασία θα σημειώση αισθητήν πτώσιν, ενώ εις τους ορεινούς όγκους αναμένονται χιονοπτώσεις. Αι αρμόδιαι αρχαί συνιστούν εις τους ναυτιλλομένους να λάβουν τα απαραίτητα μέτρα προφυλάξεως.

ΑΘΗΝΑΙ, 22. — Κατά τας πληροφορίας της Μετεωρολογικής Υπηρεσίας, σήμερον θα επικρατήσουν εις την χώραν μας θυελλώδεις άνεμοι και βροχαί, ιδίως εις τα δυτικά και βόρεια διαμερίσματα. Η θερμοκρασία θα σημειώση αισθητήν πτώσιν, ενώ εις τους ορεινούς όγκους αναμένονται χιονοπτώσεις. Αι αρμόδιαι αρχαί συνιστούν εις τους ναυτιλλομένους να λάβουν τα απαραίτητα μέτρα προφυλάξεως.

ΕΤΕΘΗΣΑΝ ΕΙΣ ΑΡΓΙΑΝ Ο ΔΗΜΑΡΧΟΣ, Ο ΑΝΤΙΔΗΜΑΡΧΟΣ ΚΑΙ Ο ΠΡΟΕΔΡΟΣ ΔΗΜΟΤΙΚΟΥ ΣΥΜΒΟΥΛΙΟΥ ΚΑΒΑΛΑΣ ΜΕ ΤΟ ΑΙΤΙΟΛΟΓΙΚΟΝ ΑΝΑΜΙΞΕΩΣ ΕΙΣ ΤΗΝ ΠΟΛΙΤΙΚΗΝ

ΑΘΗΝΑΙ, 22. — Κατά τας πληροφορίας της Μετεωρολογικής Υπηρεσίας, σήμερον θα επικρατήσουν εις την χώραν μας θυελλώδεις άνεμοι και βροχαί, ιδίως εις τα δυτικά και βόρεια διαμερίσματα. Η θερμοκρασία θα σημειώση αισθητήν πτώσιν, ενώ εις τους ορεινούς όγκους αναμένονται χιονοπτώσεις. Αι αρμόδιαι αρχαί συνιστούν εις τους ναυτιλλομένους να λάβουν τα απαραίτητα μέτρα προφυλάξεως.

ΑΘΗΝΑΙ, 22. — Κατά τας πληροφορίας της Μετεωρολογικής Υπηρεσίας, σήμερον θα επικρατήσουν εις την χώραν μας θυελλώδεις άνεμοι και βροχαί, ιδίως εις τα δυτικά και βόρεια διαμερίσματα. Η θερμοκρασία θα σημειώση αισθητήν πτώσιν, ενώ εις τους ορεινούς όγκους αναμένονται χιονοπτώσεις. Αι αρμόδιαι αρχαί συνιστούν εις τους ναυτιλλομένους να λάβουν τα απαραίτητα μέτρα προφυλάξεως.

ΘΑ ΧΟΡΗΓΗΘΟΥΝ ΗΥΞΗΜΕΝΑΙ ΕΠΙΔΟΤΗΣΕΙΣ ΔΙΑ ΤΑ ΛΕΜΟΝΙΑ ΤΗΣ ΠΕΡΥΣΙΝΗΣ ΕΣΟΔΕΙΑΣ

ΑΘΗΝΑΙ, 22. — Κατά τας πληροφορίας της Μετεωρολογικής Υπηρεσίας, σήμερον θα επικρατήσουν εις την χώραν μας θυελλώδεις άνεμοι και βροχαί, ιδίως εις τα δυτικά και βόρεια διαμερίσματα. Η θερμοκρασία θα σημειώση αισθητήν πτώσιν, ενώ εις τους ορεινούς όγκους αναμένονται χιονοπτώσεις. Αι αρμόδιαι αρχαί συνιστούν εις τους ναυτιλλομένους να λάβουν τα απαραίτητα μέτρα προφυλάξεως.

ΟΙ ΚΕΡΔΙΖΟΝΤΕΣ ΑΡΙΘΜΟΙ ΤΟΥ ΛΑ-Ι-ΚΟΥ ΛΑΧΕΙΟΥ

ΑΘΗΝΑΙ, 22. — Κατά τας πληροφορίας της Μετεωρολογικής Υπηρεσίας, σήμερον θα επικρατήσουν εις την χώραν μας θυελλώδεις άνεμοι και βροχαί, ιδίως εις τα δυτικά και βόρεια διαμερίσματα. Η θερμοκρασία θα σημειώση αισθητήν πτώσιν, ενώ εις τους ορεινούς όγκους αναμένονται χιονοπτώσεις. Αι αρμόδιαι αρχαί συνιστούν εις τους ναυτιλλομένους να λάβουν τα απαραίτητα μέτρα προφυλάξεως.

76262
14861  19355  22427  22758
16474  31129  39417  49174
26211  27232  27658  29921
31193  37199  42819  43597
32878  35189  42578  47861
46114  55277  57638  63887
63221  67238  78135  79412
12141  13201  14548  15119
16102  21151  24411  27223
33437  33542  34221  37112
37793  35176  41693  43887
48912  57119  61331  65177
63712  67111  75211  76288
33730  32742  34912  35433
62782  69834  72995  75720
Ο κ. ΠΑΠΑΝΔΡΕΟΥ ΣΥΝΙΣΤΑ ΕΙΣ ΤΗΝ Ε.ΔΗ.Ν ΝΑ ΣΥΝΕΧΙΣΗ ΤΟΝ ΑΝΕΝΔΟΤΟΝ ΑΓΩΝΑ

ΑΘΗΝΑΙ, 22. — Κατά τας πληροφορίας της Μετεωρολογικής Υπηρεσίας, σήμερον θα επικρατήσουν εις την χώραν μας θυελλώδεις άνεμοι και βροχαί, ιδίως εις τα δυτικά και βόρεια διαμερίσματα. Η θερμοκρασία θα σημειώση αισθητήν πτώσιν, ενώ εις τους ορεινούς όγκους αναμένονται χιονοπτώσεις. Αι αρμόδιαι αρχαί συνιστούν εις τους ναυτιλλομένους να λάβουν τα απαραίτητα μέτρα προφυλάξεως.

ΑΘΗΝΑΙ, 22. — Κατά τας πληροφορίας της Μετεωρολογικής Υπηρεσίας, σήμερον θα επικρατήσουν εις την χώραν μας θυελλώδεις άνεμοι και βροχαί, ιδίως εις τα δυτικά και βόρεια διαμερίσματα. Η θερμοκρασία θα σημειώση αισθητήν πτώσιν, ενώ εις τους ορεινούς όγκους αναμένονται χιονοπτώσεις. Αι αρμόδιαι αρχαί συνιστούν εις τους ναυτιλλομένους να λάβουν τα απαραίτητα μέτρα προφυλάξεως.

ΑΘΗΝΑΙ, 22. — Κατά τας πληροφορίας της Μετεωρολογικής Υπηρεσίας, σήμερον θα επικρατήσουν εις την χώραν μας θυελλώδεις άνεμοι και βροχαί, ιδίως εις τα δυτικά και βόρεια διαμερίσματα. Η θερμοκρασία θα σημειώση αισθητήν πτώσιν, ενώ εις τους ορεινούς όγκους αναμένονται χιονοπτώσεις. Αι αρμόδιαι αρχαί συνιστούν εις τους ναυτιλλομένους να λάβουν τα απαραίτητα μέτρα προφυλάξεως.

Ο κ. ΚΩΣΤΟΠΟΥΛΟΣ ΑΝΑΧΩΡΕΙ ΑΥΡΙΟΝ ΕΙΣ ΤΟ ΠΑΡΙΣΙ

ΑΘΗΝΑΙ, 22. — Κατά τας πληροφορίας της Μετεωρολογικής Υπηρεσίας, σήμερον θα επικρατήσουν εις την χώραν μας θυελλώδεις άνεμοι και βροχαί, ιδίως εις τα δυτικά και βόρεια διαμερίσματα. Η θερμοκρασία θα σημειώση αισθητήν πτώσιν, ενώ εις τους ορεινούς όγκους αναμένονται χιονοπτώσεις. Αι αρμόδιαι αρχαί συνιστούν εις τους ναυτιλλομένους να λάβουν τα απαραίτητα μέτρα προφυλάξεως.

ΑΘΗΝΑΙ, 22. — Κατά τας πληροφορίας της Μετεωρολογικής Υπηρεσίας, σήμερον θα επικρατήσουν εις την χώραν μας θυελλώδεις άνεμοι και βροχαί, ιδίως εις τα δυτικά και βόρεια διαμερίσματα. Η θερμοκρασία θα σημειώση αισθητήν πτώσιν, ενώ εις τους ορεινούς όγκους αναμένονται χιονοπτώσεις. Αι αρμόδιαι αρχαί συνιστούν εις τους ναυτιλλομένους να λάβουν τα απαραίτητα μέτρα προφυλάξεως.

Ο κ. ΜΑΡΚΕΖΙΝΗΣ ΕΖΗΤΗΣΕΝ ΑΚΡΟΑΣΙΝ ΑΠΟ ΤΟΝ ΒΑΣΙΛΕΑ

ΑΘΗΝΑΙ, 22. — Κατά τας πληροφορίας της Μετεωρολογικής Υπηρεσίας, σήμερον θα επικρατήσουν εις την χώραν μας θυελλώδεις άνεμοι και βροχαί, ιδίως εις τα δυτικά και βόρεια διαμερίσματα. Η θερμοκρασία θα σημειώση αισθητήν πτώσιν, ενώ εις τους ορεινούς όγκους αναμένονται χιονοπτώσεις. Αι αρμόδιαι αρχαί συνιστούν εις τους ναυτιλλομένους να λάβουν τα απαραίτητα μέτρα προφυλάξεως.

ΑΤΕΛΩΣ ΘΑ ΓΙΝΕΤΑΙ Η ΕΙΣΑΓΩΓΗ ΧΡΥΣΟΥ ΚΑΙ ΛΕΥΚΟΧΡΥΣΟΥ

ΑΘΗΝΑΙ, 22. — Κατά τας πληροφορίας της Μετεωρολογικής Υπηρεσίας, σήμερον θα επικρατήσουν εις την χώραν μας θυελλώδεις άνεμοι και βροχαί, ιδίως εις τα δυτικά και βόρεια διαμερίσματα. Η θερμοκρασία θα σημειώση αισθητήν πτώσιν, ενώ εις τους ορεινούς όγκους αναμένονται χιονοπτώσεις. Αι αρμόδιαι αρχαί συνιστούν εις τους ναυτιλλομένους να λάβουν τα απαραίτητα μέτρα προφυλάξεως.

ΝΕΑ ΔΕΣΜΕΥΣΙΣ ΠΙΣΤΩΣΕΩΝ ΔΙΑ ΤΑΣ ΑΝΑΓΚΑΣ ΤΗΣ ΚΤΗΝΟΤΡΟΦΙΑΣ

ΑΘΗΝΑΙ, 22. — Κατά τας πληροφορίας της Μετεωρολογικής Υπηρεσίας, σήμερον θα επικρατήσουν εις την χώραν μας θυελλώδεις άνεμοι και βροχαί, ιδίως εις τα δυτικά και βόρεια διαμερίσματα. Η θερμοκρασία θα σημειώση αισθητήν πτώσιν, ενώ εις τους ορεινούς όγκους αναμένονται χιονοπτώσεις. Αι αρμόδιαι αρχαί συνιστούν εις τους ναυτιλλομένους να λάβουν τα απαραίτητα μέτρα προφυλάξεως.

ΕΝΙΣΧΥΟΝΤΑΙ ΕΞΑΓΩΓΕΙΣ ΤΟΜΑΤΑΣ ΚΑΙ ΓΕΩΜΗΛΩΝ

ΑΘΗΝΑΙ, 22. — Κατά τας πληροφορίας της Μετεωρολογικής Υπηρεσίας, σήμερον θα επικρατήσουν εις την χώραν μας θυελλώδεις άνεμοι και βροχαί, ιδίως εις τα δυτικά και βόρεια διαμερίσματα. Η θερμοκρασία θα σημειώση αισθητήν πτώσιν, ενώ εις τους ορεινούς όγκους αναμένονται χιονοπτώσεις. Αι αρμόδιαι αρχαί συνιστούν εις τους ναυτιλλομένους να λάβουν τα απαραίτητα μέτρα προφυλάξεως.

ΕΠΙΦΥΛΑΚΤΙΚΩΣ ΔΙΑ ΤΟ ΠΟΡΙΣΜΑ ΑΙΘΝΙΔΙΟΥ ΘΑΝΑΤΟΥ

ΑΘΗΝΑΙ, 22. — Κατά τας πληροφορίας της Μετεωρολογικής Υπηρεσίας, σήμερον θα επικρατήσουν εις την χώραν μας θυελλώδεις άνεμοι και βροχαί, ιδίως εις τα δυτικά και βόρεια διαμερίσματα. Η θερμοκρασία θα σημειώση αισθητήν πτώσιν, ενώ εις τους ορεινούς όγκους αναμένονται χιονοπτώσεις. Αι αρμόδιαι αρχαί συνιστούν εις τους ναυτιλλομένους να λάβουν τα απαραίτητα μέτρα προφυλάξεως.

ΥΠΕΒΑΛΕ ΠΑΡΑΙΤΗΣΙΝ Ο ΓΡΑΜΜΑΤΕΥΣ ΤΗΣ ΒΟΥΛΗΣ

ΑΘΗΝΑΙ, 22. — Κατά τας πληροφορίας της Μετεωρολογικής Υπηρεσίας, σήμερον θα επικρατήσουν εις την χώραν μας θυελλώδεις άνεμοι και βροχαί, ιδίως εις τα δυτικά και βόρεια διαμερίσματα. Η θερμοκρασία θα σημειώση αισθητήν πτώσιν, ενώ εις τους ορεινούς όγκους αναμένονται χιονοπτώσεις. Αι αρμόδιαι αρχαί συνιστούν εις τους ναυτιλλομένους να λάβουν τα απαραίτητα μέτρα προφυλάξεως.

ΙΕΡΕΥΣ ΕΞ ΟΥΓΚΑΝΤΑ ΕΙΣ ΘΕΣΣΑΛΟΝΙΚΗΝ

ΑΘΗΝΑΙ, 22. — Κατά τας πληροφορίας της Μετεωρολογικής Υπηρεσίας, σήμερον θα επικρατήσουν εις την χώραν μας θυελλώδεις άνεμοι και βροχαί, ιδίως εις τα δυτικά και βόρεια διαμερίσματα. Η θερμοκρασία θα σημειώση αισθητήν πτώσιν, ενώ εις τους ορεινούς όγκους αναμένονται χιονοπτώσεις. Αι αρμόδιαι αρχαί συνιστούν εις τους ναυτιλλομένους να λάβουν τα απαραίτητα μέτρα προφυλάξεως.

ΛΟΧΙΑΣ ΠΡΟΣΕΒΛΗΘΗ ΕΚ ΜΗΝΙΓΓΙΤΙΔΟΣ

ΑΘΗΝΑΙ, 22. — Κατά τας πληροφορίας της Μετεωρολογικής Υπηρεσίας, σήμερον θα επικρατήσουν εις την χώραν μας θυελλώδεις άνεμοι και βροχαί, ιδίως εις τα δυτικά και βόρεια διαμερίσματα. Η θερμοκρασία θα σημειώση αισθητήν πτώσιν, ενώ εις τους ορεινούς όγκους αναμένονται χιονοπτώσεις. Αι αρμόδιαι αρχαί συνιστούν εις τους ναυτιλλομένους να λάβουν τα απαραίτητα μέτρα προφυλάξεως.

ΠΑΝΕΛΛΗΝΙΟΝ ΣΥΝΕΔΡΙΟΝ ΑΛΕΥΡΟΒΙΟΜΗΧΑΝΩΝ

ΑΘΗΝΑΙ, 22. — Κατά τας πληροφορίας της Μετεωρολογικής Υπηρεσίας, σήμερον θα επικρατήσουν εις την χώραν μας θυελλώδεις άνεμοι και βροχαί, ιδίως εις τα δυτικά και βόρεια διαμερίσματα. Η θερμοκρασία θα σημειώση αισθητήν πτώσιν, ενώ εις τους ορεινούς όγκους αναμένονται χιονοπτώσεις. Αι αρμόδιαι αρχαί συνιστούν εις τους ναυτιλλομένους να λάβουν τα απαραίτητα μέτρα προφυλάξεως.

ΤΟ ΝΕΟΝ ΣΥΜΒΟΥΛΙΟΝ ΕΝ. ΚΕΝΤΡΟΥ ΑΝΑΛΗΨΕΩΣ

ΑΘΗΝΑΙ, 22. — Κατά τας πληροφορίας της Μετεωρολογικής Υπηρεσίας, σήμερον θα επικρατήσουν εις την χώραν μας θυελλώδεις άνεμοι και βροχαί, ιδίως εις τα δυτικά και βόρεια διαμερίσματα. Η θερμοκρασία θα σημειώση αισθητήν πτώσιν, ενώ εις τους ορεινούς όγκους αναμένονται χιονοπτώσεις. Αι αρμόδιαι αρχαί συνιστούν εις τους ναυτιλλομένους να λάβουν τα απαραίτητα μέτρα προφυλάξεως.

ΥΠΟΓΟΝΟΙ ΤΗΝ ΑΠΕΛΑΘΕΝΤΩΝ

ΑΘΗΝΑΙ, 22. — Κατά τας πληροφορίας της Μετεωρολογικής Υπηρεσίας, σήμερον θα επικρατήσουν εις την χώραν μας θυελλώδεις άνεμοι και βροχαί, ιδίως εις τα δυτικά και βόρεια διαμερίσματα. Η θερμοκρασία θα σημειώση αισθητήν πτώσιν, ενώ εις τους ορεινούς όγκους αναμένονται χιονοπτώσεις. Αι αρμόδιαι αρχαί συνιστούν εις τους ναυτιλλομένους να λάβουν τα απαραίτητα μέτρα προφυλάξεως.

Σελίς 7
ΜΟΤΟΡΣΙΠ ΕΘΥΘΙΣΘΗ ΕΙΣ ΤΑ ΑΝΟΙΚΤΑ ΤΗΣ ΖΑΚΥΝΘΟΥ
ΕΛΛΗΝΙΚΟΝ ΣΚΑΦΟΣ ΠΡΟΣΗΡΑΞΕΝ ΕΙΣ ΤΗΝ ΝΟΡΒΗΓΙΑΝ
ΕΤΕΡΟΝ ΥΠΕΣΤΗ ΡΗΓΜΑ ΕΙΣ ΤΑ ΥΦΑΛΑ ΕΙΣ ΙΑΠΩΝΙΑΝ

ΑΘΗΝΑΙ, 22. — Κατά τας πληροφορίας της Μετεωρολογικής Υπηρεσίας, σήμερον θα επικρατήσουν εις την χώραν μας θυελλώδεις άνεμοι και βροχαί, ιδίως εις τα δυτικά και βόρεια διαμερίσματα. Η θερμοκρασία θα σημειώση αισθητήν πτώσιν, ενώ εις τους ορεινούς όγκους αναμένονται χιονοπτώσεις. Αι αρμόδιαι αρχαί συνιστούν εις τους ναυτιλλομένους να λάβουν τα απαραίτητα μέτρα προφυλάξεως.

ΑΘΗΝΑΙ, 22. — Κατά τας πληροφορίας της Μετεωρολογικής Υπηρεσίας, σήμερον θα επικρατήσουν εις την χώραν μας θυελλώδεις άνεμοι και βροχαί, ιδίως εις τα δυτικά και βόρεια διαμερίσματα. Η θερμοκρασία θα σημειώση αισθητήν πτώσιν, ενώ εις τους ορεινούς όγκους αναμένονται χιονοπτώσεις. Αι αρμόδιαι αρχαί συνιστούν εις τους ναυτιλλομένους να λάβουν τα απαραίτητα μέτρα προφυλάξεως.

ΑΘΗΝΑΙ, 22. — Κατά τας πληροφορίας της Μετεωρολογικής Υπηρεσίας, σήμερον θα επικρατήσουν εις την χώραν μας θυελλώδεις άνεμοι και βροχαί, ιδίως εις τα δυτικά και βόρεια διαμερίσματα. Η θερμοκρασία θα σημειώση αισθητήν πτώσιν, ενώ εις τους ορεινούς όγκους αναμένονται χιονοπτώσεις. Αι αρμόδιαι αρχαί συνιστούν εις τους ναυτιλλομένους να λάβουν τα απαραίτητα μέτρα προφυλάξεως.

ΕΞΩΚΕΙΛΕΝ ΕΙΣ ΙΑΠΩΝΙΑΝ

ΑΘΗΝΑΙ, 22. — Κατά τας πληροφορίας της Μετεωρολογικής Υπηρεσίας, σήμερον θα επικρατήσουν εις την χώραν μας θυελλώδεις άνεμοι και βροχαί, ιδίως εις τα δυτικά και βόρεια διαμερίσματα. Η θερμοκρασία θα σημειώση αισθητήν πτώσιν, ενώ εις τους ορεινούς όγκους αναμένονται χιονοπτώσεις. Αι αρμόδιαι αρχαί συνιστούν εις τους ναυτιλλομένους να λάβουν τα απαραίτητα μέτρα προφυλάξεως.

«ΘΗΣΑΥΡΟΝ» ΕΚ ΚΛΟΠΙΜΑΙΩΝ ΑΞΙΑΣ 1.000.000 ΔΡΑΧΜ. ΕΙΧΕΝ ΕΙΣ ΤΟ ΔΩΜΑΤΙΟΝ ΤΟΥ Ο ΦΟΝΕΥΘΕΙΣ ΔΙΑΡΡΗΚΤΗΣ
ΑΙ ΕΡΕΥΝΑΙ ΔΙΑ ΤΗΝ ΑΝΘΡΩΠΟΚΤΟΝΙΑΝ ΣΥΝΕΧΙΖΟΝΤΑΙ

ΑΘΗΝΑΙ, 22. — Κατά τας πληροφορίας της Μετεωρολογικής Υπηρεσίας, σήμερον θα επικρατήσουν εις την χώραν μας θυελλώδεις άνεμοι και βροχαί, ιδίως εις τα δυτικά και βόρεια διαμερίσματα. Η θερμοκρασία θα σημειώση αισθητήν πτώσιν, ενώ εις τους ορεινούς όγκους αναμένονται χιονοπτώσεις. Αι αρμόδιαι αρχαί συνιστούν εις τους ναυτιλλομένους να λάβουν τα απαραίτητα μέτρα προφυλάξεως.

ΑΘΗΝΑΙ, 22. — Κατά τας πληροφορίας της Μετεωρολογικής Υπηρεσίας, σήμερον θα επικρατήσουν εις την χώραν μας θυελλώδεις άνεμοι και βροχαί, ιδίως εις τα δυτικά και βόρεια διαμερίσματα. Η θερμοκρασία θα σημειώση αισθητήν πτώσιν, ενώ εις τους ορεινούς όγκους αναμένονται χιονοπτώσεις. Αι αρμόδιαι αρχαί συνιστούν εις τους ναυτιλλομένους να λάβουν τα απαραίτητα μέτρα προφυλάξεως.

ΑΘΗΝΑΙ, 22. — Κατά τας πληροφορίας της Μετεωρολογικής Υπηρεσίας, σήμερον θα επικρατήσουν εις την χώραν μας θυελλώδεις άνεμοι και βροχαί, ιδίως εις τα δυτικά και βόρεια διαμερίσματα. Η θερμοκρασία θα σημειώση αισθητήν πτώσιν, ενώ εις τους ορεινούς όγκους αναμένονται χιονοπτώσεις. Αι αρμόδιαι αρχαί συνιστούν εις τους ναυτιλλομένους να λάβουν τα απαραίτητα μέτρα προφυλάξεως.

ΑΘΗΝΑΙ, 22. — Κατά τας πληροφορίας της Μετεωρολογικής Υπηρεσίας, σήμερον θα επικρατήσουν εις την χώραν μας θυελλώδεις άνεμοι και βροχαί, ιδίως εις τα δυτικά και βόρεια διαμερίσματα. Η θερμοκρασία θα σημειώση αισθητήν πτώσιν, ενώ εις τους ορεινούς όγκους αναμένονται χιονοπτώσεις. Αι αρμόδιαι αρχαί συνιστούν εις τους ναυτιλλομένους να λάβουν τα απαραίτητα μέτρα προφυλάξεως.

ΔΙΕΠΙΣΤΩΘΗ ΟΤΙ ΤΑ ΜΕΤΑΛΛΕΙΑ ΤΗΣ ΚΙΡΚΗΣ ΔΥΝΑΝΤΑΙ ΝΑ ΛΕΙΤΟΥΡΓΗΣΟΥΝ ΑΠΟΔΟΤΙΚΩΣ
ΠΛΟΥΣΙΑ ΤΑ ΑΠΟΘΕΜΑΤΑ ΜΕΓΑΛΛΕΥΜΑΤΩΝ

ΑΘΗΝΑΙ, 22. — Κατά τας πληροφορίας της Μετεωρολογικής Υπηρεσίας, σήμερον θα επικρατήσουν εις την χώραν μας θυελλώδεις άνεμοι και βροχαί, ιδίως εις τα δυτικά και βόρεια διαμερίσματα. Η θερμοκρασία θα σημειώση αισθητήν πτώσιν, ενώ εις τους ορεινούς όγκους αναμένονται χιονοπτώσεις. Αι αρμόδιαι αρχαί συνιστούν εις τους ναυτιλλομένους να λάβουν τα απαραίτητα μέτρα προφυλάξεως.

ΑΘΗΝΑΙ, 22. — Κατά τας πληροφορίας της Μετεωρολογικής Υπηρεσίας, σήμερον θα επικρατήσουν εις την χώραν μας θυελλώδεις άνεμοι και βροχαί, ιδίως εις τα δυτικά και βόρεια διαμερίσματα. Η θερμοκρασία θα σημειώση αισθητήν πτώσιν, ενώ εις τους ορεινούς όγκους αναμένονται χιονοπτώσεις. Αι αρμόδιαι αρχαί συνιστούν εις τους ναυτιλλομένους να λάβουν τα απαραίτητα μέτρα προφυλάξεως.

ΥΠΑΛΛΗΛΟΣ ΤΗΣ ΡΑΔΙΟΦΩΝΙΑΣ ΕΙΣ ΑΘΗΝΑΣ ΥΠΕΞΗΡΕΣΕΝ 640.000 ΔΡΑΧΜΩΝ ΚΑΙ ΤΑΣ ΕΠΕΣΤΡΕΨΕ ΜΕΤΑ ΔΙΕΤΙΑΝ ΕΙΣ ΛΙΡΑΣ

ΑΘΗΝΑΙ, 22. — Κατά τας πληροφορίας της Μετεωρολογικής Υπηρεσίας, σήμερον θα επικρατήσουν εις την χώραν μας θυελλώδεις άνεμοι και βροχαί, ιδίως εις τα δυτικά και βόρεια διαμερίσματα. Η θερμοκρασία θα σημειώση αισθητήν πτώσιν, ενώ εις τους ορεινούς όγκους αναμένονται χιονοπτώσεις. Αι αρμόδιαι αρχαί συνιστούν εις τους ναυτιλλομένους να λάβουν τα απαραίτητα μέτρα προφυλάξεως.

ΑΘΗΝΑΙ, 22. — Κατά τας πληροφορίας της Μετεωρολογικής Υπηρεσίας, σήμερον θα επικρατήσουν εις την χώραν μας θυελλώδεις άνεμοι και βροχαί, ιδίως εις τα δυτικά και βόρεια διαμερίσματα. Η θερμοκρασία θα σημειώση αισθητήν πτώσιν, ενώ εις τους ορεινούς όγκους αναμένονται χιονοπτώσεις. Αι αρμόδιαι αρχαί συνιστούν εις τους ναυτιλλομένους να λάβουν τα απαραίτητα μέτρα προφυλάξεως.

ΑΠΕΠΕΙΡΑΘΗ ΝΑ ΦΟΝΕΥΣΗ ΜΕ ΣΤΙΛΕΤΤΟ ΑΔΕΛΦΟΝ ΤΟΥ ΤΟΥ ΤΟ ΕΝΕΠΗΞΕΝ ΕΙΣ ΤΗΝ ΠΛΑΤΗΝ ΚΑΙ ΕΞΗΦΑΝΙΣΘΗ

ΑΘΗΝΑΙ, 22. — Κατά τας πληροφορίας της Μετεωρολογικής Υπηρεσίας, σήμερον θα επικρατήσουν εις την χώραν μας θυελλώδεις άνεμοι και βροχαί, ιδίως εις τα δυτικά και βόρεια διαμερίσματα. Η θερμοκρασία θα σημειώση αισθητήν πτώσιν, ενώ εις τους ορεινούς όγκους αναμένονται χιονοπτώσεις. Αι αρμόδιαι αρχαί συνιστούν εις τους ναυτιλλομένους να λάβουν τα απαραίτητα μέτρα προφυλάξεως.

ΑΘΗΝΑΙ, 22. — Κατά τας πληροφορίας της Μετεωρολογικής Υπηρεσίας, σήμερον θα επικρατήσουν εις την χώραν μας θυελλώδεις άνεμοι και βροχαί, ιδίως εις τα δυτικά και βόρεια διαμερίσματα. Η θερμοκρασία θα σημειώση αισθητήν πτώσιν, ενώ εις τους ορεινούς όγκους αναμένονται χιονοπτώσεις. Αι αρμόδιαι αρχαί συνιστούν εις τους ναυτιλλομένους να λάβουν τα απαραίτητα μέτρα προφυλάξεως.

ΗΡΧΙΣΕ ΤΑΣ ΕΡΓΑΣΙΑΣ Η ΟΛΟΜΕΛΕΙΑ ΤΟΥ ΣΥΜΒΟΥΛΙΟΥ ΤΗΣ ΚΕΝΤΡΙΚΗΣ ΕΝΩΣΕΩΣ ΤΩΝ ΔΗΜΩΝ ΚΑΙ ΚΟΙΝΟΤΗΤΩΝ

ΑΘΗΝΑΙ, 22. — Κατά τας πληροφορίας της Μετεωρολογικής Υπηρεσίας, σήμερον θα επικρατήσουν εις την χώραν μας θυελλώδεις άνεμοι και βροχαί, ιδίως εις τα δυτικά και βόρεια διαμερίσματα. Η θερμοκρασία θα σημειώση αισθητήν πτώσιν, ενώ εις τους ορεινούς όγκους αναμένονται χιονοπτώσεις. Αι αρμόδιαι αρχαί συνιστούν εις τους ναυτιλλομένους να λάβουν τα απαραίτητα μέτρα προφυλάξεως.

ΑΘΗΝΑΙ, 22. — Κατά τας πληροφορίας της Μετεωρολογικής Υπηρεσίας, σήμερον θα επικρατήσουν εις την χώραν μας θυελλώδεις άνεμοι και βροχαί, ιδίως εις τα δυτικά και βόρεια διαμερίσματα. Η θερμοκρασία θα σημειώση αισθητήν πτώσιν, ενώ εις τους ορεινούς όγκους αναμένονται χιονοπτώσεις. Αι αρμόδιαι αρχαί συνιστούν εις τους ναυτιλλομένους να λάβουν τα απαραίτητα μέτρα προφυλάξεως.

ΑΘΗΝΑΙ, 22. — Κατά τας πληροφορίας της Μετεωρολογικής Υπηρεσίας, σήμερον θα επικρατήσουν εις την χώραν μας θυελλώδεις άνεμοι και βροχαί, ιδίως εις τα δυτικά και βόρεια διαμερίσματα. Η θερμοκρασία θα σημειώση αισθητήν πτώσιν, ενώ εις τους ορεινούς όγκους αναμένονται χιονοπτώσεις. Αι αρμόδιαι αρχαί συνιστούν εις τους ναυτιλλομένους να λάβουν τα απαραίτητα μέτρα προφυλάξεως.

ΤΑ ΠΡΟΒΛΗΜΑΤΑ ΤΩΝ ΑΓΡΟΦΥΛΑΚΩΝ

ΑΘΗΝΑΙ, 22. — Κατά τας πληροφορίας της Μετεωρολογικής Υπηρεσίας, σήμερον θα επικρατήσουν εις την χώραν μας θυελλώδεις άνεμοι και βροχαί, ιδίως εις τα δυτικά και βόρεια διαμερίσματα. Η θερμοκρασία θα σημειώση αισθητήν πτώσιν, ενώ εις τους ορεινούς όγκους αναμένονται χιονοπτώσεις. Αι αρμόδιαι αρχαί συνιστούν εις τους ναυτιλλομένους να λάβουν τα απαραίτητα μέτρα προφυλάξεως.

ΚΑΤΟΙΚΟΣ ΤΗΣ ΛΑΡΙΣΗΣ ΕΚΕΡΔΙΣΕ 2.100.000 ΔΡΑΧ.

ΑΘΗΝΑΙ, 22. — Κατά τας πληροφορίας της Μετεωρολογικής Υπηρεσίας, σήμερον θα επικρατήσουν εις την χώραν μας θυελλώδεις άνεμοι και βροχαί, ιδίως εις τα δυτικά και βόρεια διαμερίσματα. Η θερμοκρασία θα σημειώση αισθητήν πτώσιν, ενώ εις τους ορεινούς όγκους αναμένονται χιονοπτώσεις. Αι αρμόδιαι αρχαί συνιστούν εις τους ναυτιλλομένους να λάβουν τα απαραίτητα μέτρα προφυλάξεως.
